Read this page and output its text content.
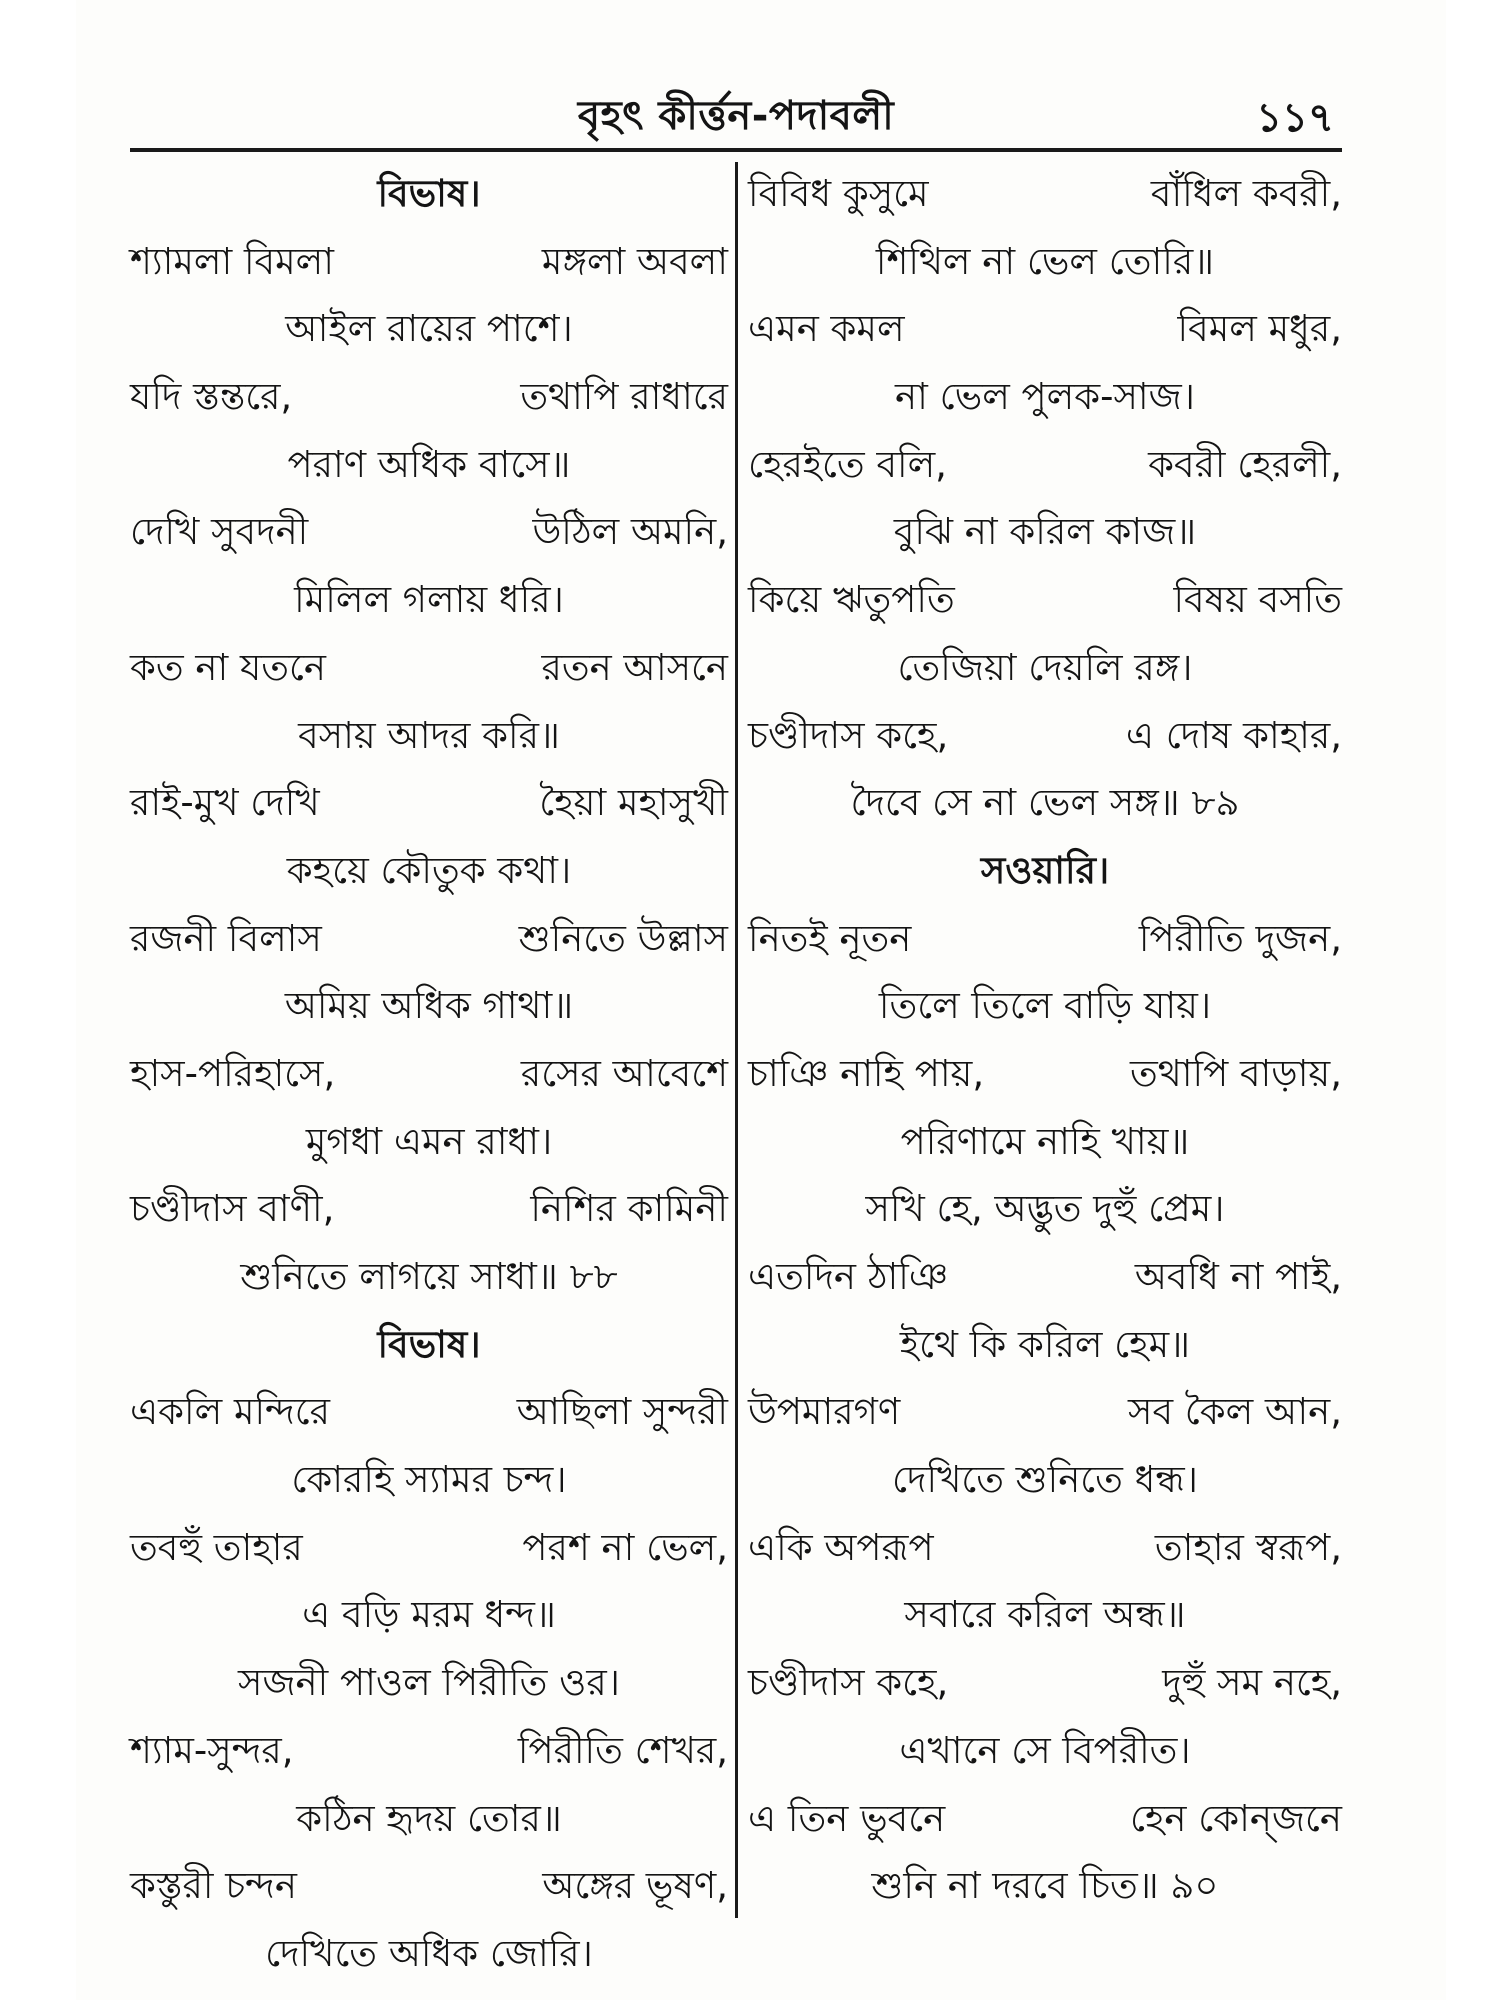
বৃহৎ কীর্ত্তন-পদাবলী	১১৭
বিভাষ।
শ্যামলা বিমলা	মঙ্গলা অবলা
আইল রায়ের পাশে।
যদি স্তন্তরে,	তথাপি রাধারে
পরাণ অধিক বাসে॥
দেখি সুবদনী	উঠিল অমনি,
মিলিল গলায় ধরি।
কত না যতনে	রতন আসনে
বসায় আদর করি॥
রাই-মুখ দেখি	হৈয়া মহাসুখী
কহয়ে কৌতুক কথা।
রজনী বিলাস	শুনিতে উল্লাস
অমিয় অধিক গাথা॥
হাস-পরিহাসে,	রসের আবেশে
মুগধা এমন রাধা।
চণ্ডীদাস বাণী,	নিশির কামিনী
শুনিতে লাগয়ে সাধা॥ ৮৮
বিভাষ।
একলি মন্দিরে	আছিলা সুন্দরী
কোরহি স্যামর চন্দ।
তবহুঁ তাহার	পরশ না ভেল,
এ বড়ি মরম ধন্দ॥
সজনী পাওল পিরীতি ওর।
শ্যাম-সুন্দর,	পিরীতি শেখর,
কঠিন হৃদয় তোর॥
কস্তুরী চন্দন	অঙ্গের ভূষণ,
দেখিতে অধিক জোরি।
বিবিধ কুসুমে	বাঁধিল কবরী,
শিথিল না ভেল তোরি॥
এমন কমল	বিমল মধুর,
না ভেল পুলক-সাজ।
হেরইতে বলি,	কবরী হেরলী,
বুঝি না করিল কাজ॥
কিয়ে ঋতুপতি	বিষয় বসতি
তেজিয়া দেয়লি রঙ্গ।
চণ্ডীদাস কহে,	এ দোষ কাহার,
দৈবে সে না ভেল সঙ্গ॥ ৮৯
সওয়ারি।
নিতই নূতন	পিরীতি দুজন,
তিলে তিলে বাড়ি যায়।
চাঞি নাহি পায়,	তথাপি বাড়ায়,
পরিণামে নাহি খায়॥
সখি হে, অদ্ভুত দুহুঁ প্রেম।
এতদিন ঠাঞি	অবধি না পাই,
ইথে কি করিল হেম॥
উপমারগণ	সব কৈল আন,
দেখিতে শুনিতে ধন্ধ।
একি অপরূপ	তাহার স্বরূপ,
সবারে করিল অন্ধ॥
চণ্ডীদাস কহে,	দুহুঁ সম নহে,
এখানে সে বিপরীত।
এ তিন ভুবনে	হেন কোন্‌জনে
শুনি না দরবে চিত॥ ৯০
